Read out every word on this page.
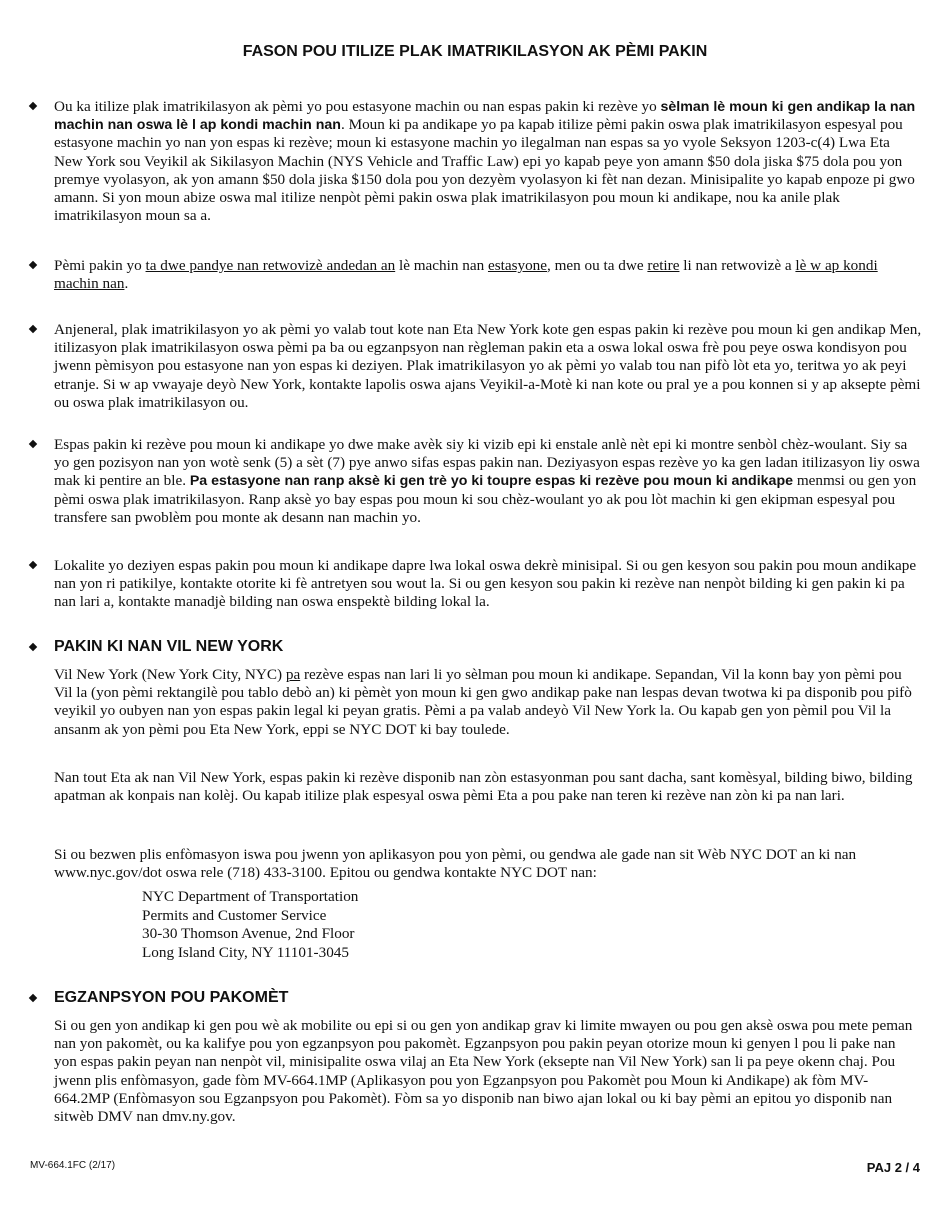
FASON POU ITILIZE PLAK IMATRIKILASYON AK PÈMI PAKIN
Ou ka itilize plak imatrikilasyon ak pèmi yo pou estasyone machin ou nan espas pakin ki rezève yo sèlman lè moun ki gen andikap la nan machin nan oswa lè l ap kondi machin nan. Moun ki pa andikape yo pa kapab itilize pèmi pakin oswa plak imatrikilasyon espesyal pou estasyone machin yo nan yon espas ki rezève; moun ki estasyone machin yo ilegalman nan espas sa yo vyole Seksyon 1203-c(4) Lwa Eta New York sou Veyikil ak Sikilasyon Machin (NYS Vehicle and Traffic Law) epi yo kapab peye yon amann $50 dola jiska $75 dola pou yon premye vyolasyon, ak yon amann $50 dola jiska $150 dola pou yon dezyèm vyolasyon ki fèt nan dezan. Minisipalite yo kapab enpoze pi gwo amann. Si yon moun abize oswa mal itilize nenpòt pèmi pakin oswa plak imatrikilasyon pou moun ki andikape, nou ka anile plak imatrikilasyon moun sa a.
Pèmi pakin yo ta dwe pandye nan retwovizè andedan an lè machin nan estasyone, men ou ta dwe retire li nan retwovizè a lè w ap kondi machin nan.
Anjeneral, plak imatrikilasyon yo ak pèmi yo valab tout kote nan Eta New York kote gen espas pakin ki rezève pou moun ki gen andikap Men, itilizasyon plak imatrikilasyon oswa pèmi pa ba ou egzanpsyon nan règleman pakin eta a oswa lokal oswa frè pou peye oswa kondisyon pou jwenn pèmisyon pou estasyone nan yon espas ki deziyen. Plak imatrikilasyon yo ak pèmi yo valab tou nan pifò lòt eta yo, teritwa yo ak peyi etranje. Si w ap vwayaje deyò New York, kontakte lapolis oswa ajans Veyikil-a-Motè ki nan kote ou pral ye a pou konnen si y ap aksepte pèmi ou oswa plak imatrikilasyon ou.
Espas pakin ki rezève pou moun ki andikape yo dwe make avèk siy ki vizib epi ki enstale anlè nèt epi ki montre senbòl chèz-woulant. Siy sa yo gen pozisyon nan yon wotè senk (5) a sèt (7) pye anwo sifas espas pakin nan. Deziyasyon espas rezève yo ka gen ladan itilizasyon liy oswa mak ki pentire an ble. Pa estasyone nan ranp aksè ki gen trè yo ki toupre espas ki rezève pou moun ki andikape menmsi ou gen yon pèmi oswa plak imatrikilasyon. Ranp aksè yo bay espas pou moun ki sou chèz-woulant yo ak pou lòt machin ki gen ekipman espesyal pou transfere san pwoblèm pou monte ak desann nan machin yo.
Lokalite yo deziyen espas pakin pou moun ki andikape dapre lwa lokal oswa dekrè minisipal. Si ou gen kesyon sou pakin pou moun andikape nan yon ri patikilye, kontakte otorite ki fè antretyen sou wout la. Si ou gen kesyon sou pakin ki rezève nan nenpòt bilding ki gen pakin ki pa nan lari a, kontakte manadjè bilding nan oswa enspektè bilding lokal la.
PAKIN KI NAN VIL NEW YORK
Vil New York (New York City, NYC) pa rezève espas nan lari li yo sèlman pou moun ki andikape. Sepandan, Vil la konn bay yon pèmi pou Vil la (yon pèmi rektangilè pou tablo debò an) ki pèmèt yon moun ki gen gwo andikap pake nan lespas devan twotwa ki pa disponib pou pifò veyikil yo oubyen nan yon espas pakin legal ki peyan gratis. Pèmi a pa valab andeyò Vil New York la. Ou kapab gen yon pèmil pou Vil la ansanm ak yon pèmi pou Eta New York, eppi se NYC DOT ki bay toulede.
Nan tout Eta ak nan Vil New York, espas pakin ki rezève disponib nan zòn estasyonman pou sant dacha, sant komèsyal, bilding biwo, bilding apatman ak konpais nan kolèj. Ou kapab itilize plak espesyal oswa pèmi Eta a pou pake nan teren ki rezève nan zòn ki pa nan lari.
Si ou bezwen plis enfòmasyon iswa pou jwenn yon aplikasyon pou yon pèmi, ou gendwa ale gade nan sit Wèb NYC DOT an ki nan www.nyc.gov/dot oswa rele (718) 433-3100. Epitou ou gendwa kontakte NYC DOT nan:
NYC Department of Transportation
Permits and Customer Service
30-30 Thomson Avenue, 2nd Floor
Long Island City, NY 11101-3045
EGZANPSYON POU PAKOMÈT
Si ou gen yon andikap ki gen pou wè ak mobilite ou epi si ou gen yon andikap grav ki limite mwayen ou pou gen aksè oswa pou mete peman nan yon pakomèt, ou ka kalifye pou yon egzanpsyon pou pakomèt. Egzanpsyon pou pakin peyan otorize moun ki genyen l pou li pake nan yon espas pakin peyan nan nenpòt vil, minisipalite oswa vilaj an Eta New York (eksepte nan Vil New York) san li pa peye okenn chaj. Pou jwenn plis enfòmasyon, gade fòm MV-664.1MP (Aplikasyon pou yon Egzanpsyon pou Pakomèt pou Moun ki Andikape) ak fòm MV-664.2MP (Enfòmasyon sou Egzanpsyon pou Pakomèt). Fòm sa yo disponib nan biwo ajan lokal ou ki bay pèmi an epitou yo disponib nan sitwèb DMV nan dmv.ny.gov.
MV-664.1FC (2/17)	PAJ 2 / 4
